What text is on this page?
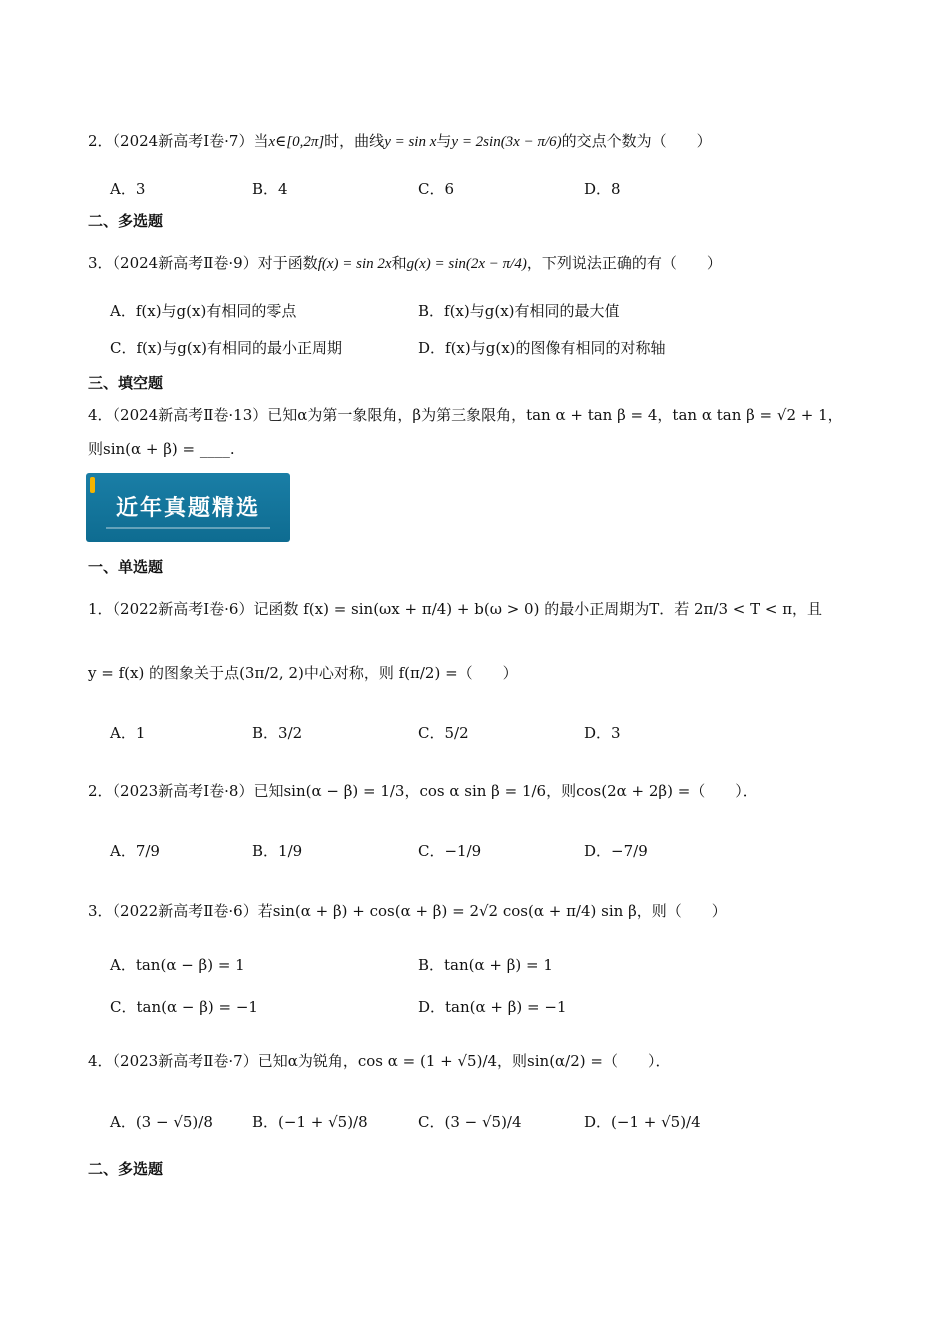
2．（2024新高考Ⅰ卷·7）当x∈[0,2π]时，曲线y = sin x与y = 2sin(3x − π/6)的交点个数为（　　）
A．3	B．4	C．6	D．8
二、多选题
3．（2024新高考Ⅱ卷·9）对于函数f(x) = sin 2x和g(x) = sin(2x − π/4)，下列说法正确的有（　　）
A．f(x)与g(x)有相同的零点	B．f(x)与g(x)有相同的最大值
C．f(x)与g(x)有相同的最小正周期	D．f(x)与g(x)的图像有相同的对称轴
三、填空题
4．（2024新高考Ⅱ卷·13）已知α为第一象限角，β为第三象限角，tan α + tan β = 4，tan α tan β = √2 + 1，
则sin(α + β) = ____.
近年真题精选
一、单选题
1．（2022新高考Ⅰ卷·6）记函数 f(x) = sin(ωx + π/4) + b(ω > 0) 的最小正周期为T．若 2π/3 < T < π，且
y = f(x) 的图象关于点(3π/2, 2)中心对称，则 f(π/2) =（　　）
A．1	B．3/2	C．5/2	D．3
2．（2023新高考Ⅰ卷·8）已知sin(α − β) = 1/3，cos α sin β = 1/6，则cos(2α + 2β) =（　　）．
A．7/9	B．1/9	C．−1/9	D．−7/9
3．（2022新高考Ⅱ卷·6）若sin(α + β) + cos(α + β) = 2√2 cos(α + π/4) sin β，则（　　）
A．tan(α − β) = 1	B．tan(α + β) = 1
C．tan(α − β) = −1	D．tan(α + β) = −1
4．（2023新高考Ⅱ卷·7）已知α为锐角，cos α = (1 + √5)/4，则sin(α/2) =（　　）．
A．(3 − √5)/8	B．(−1 + √5)/8	C．(3 − √5)/4	D．(−1 + √5)/4
二、多选题
